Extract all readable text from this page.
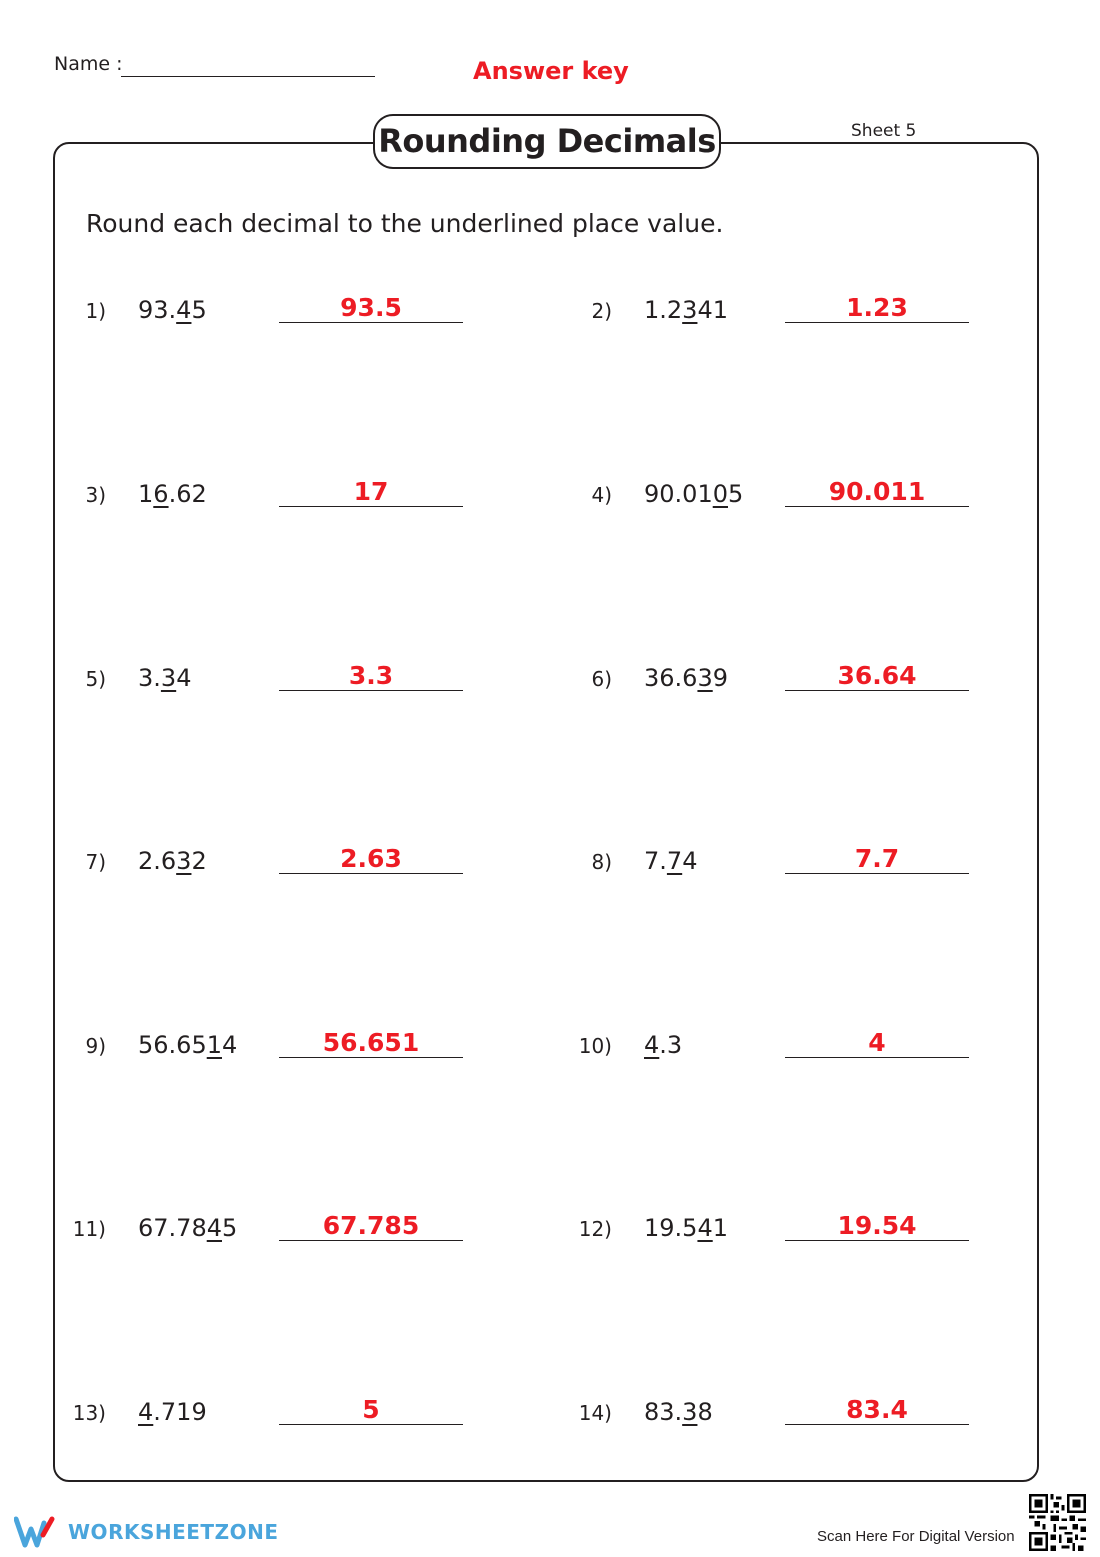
Name :	Answer key
Sheet 5
Rounding Decimals
Round each decimal to the underlined place value.
1) 93.45	93.5	2) 1.2341	1.23
3) 16.62	17	4) 90.0105	90.011
5) 3.34	3.3	6) 36.639	36.64
7) 2.632	2.63	8) 7.74	7.7
9) 56.6514	56.651	10) 4.3	4
11) 67.7845	67.785	12) 19.541	19.54
13) 4.719	5	14) 83.38	83.4
WORKSHEETZONE	Scan Here For Digital Version
